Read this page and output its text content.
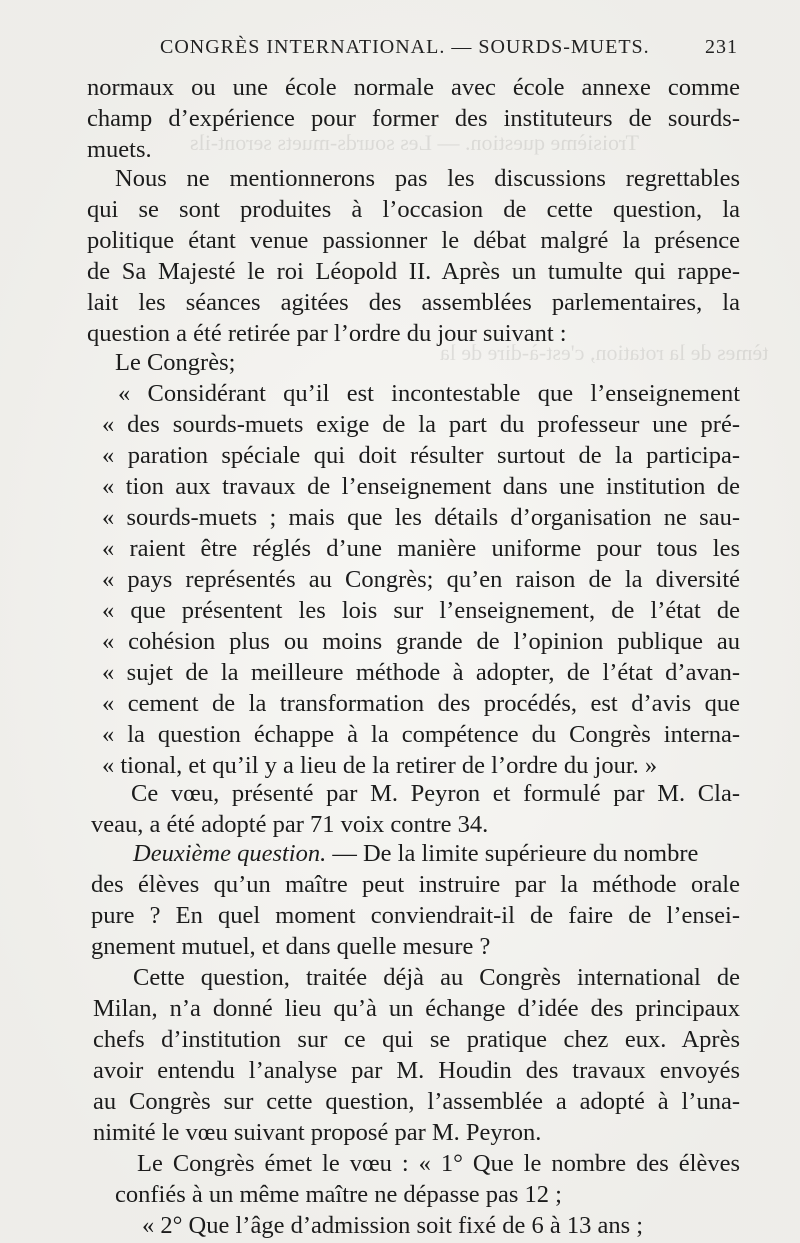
Troisième question. — Les sourds-muets seront-ils
tèmes de la rotation, c'est-à-dire de la
CONGRÈS INTERNATIONAL. — SOURDS-MUETS.	231
normaux ou une école normale avec école annexe comme
champ d’expérience pour former des instituteurs de sourds-
muets.
Nous ne mentionnerons pas les discussions regrettables
qui se sont produites à l’occasion de cette question, la
politique étant venue passionner le débat malgré la présence
de Sa Majesté le roi Léopold II. Après un tumulte qui rappe-
lait les séances agitées des assemblées parlementaires, la
question a été retirée par l’ordre du jour suivant :
Le Congrès;
« Considérant qu’il est incontestable que l’enseignement
« des sourds-muets exige de la part du professeur une pré-
« paration spéciale qui doit résulter surtout de la participa-
« tion aux travaux de l’enseignement dans une institution de
« sourds-muets ; mais que les détails d’organisation ne sau-
« raient être réglés d’une manière uniforme pour tous les
« pays représentés au Congrès; qu’en raison de la diversité
« que présentent les lois sur l’enseignement, de l’état de
« cohésion plus ou moins grande de l’opinion publique au
« sujet de la meilleure méthode à adopter, de l’état d’avan-
« cement de la transformation des procédés, est d’avis que
« la question échappe à la compétence du Congrès interna-
« tional, et qu’il y a lieu de la retirer de l’ordre du jour. »
Ce vœu, présenté par M. Peyron et formulé par M. Cla-
veau, a été adopté par 71 voix contre 34.
Deuxième question. — De la limite supérieure du nombre
des élèves qu’un maître peut instruire par la méthode orale
pure ? En quel moment conviendrait-il de faire de l’ensei-
gnement mutuel, et dans quelle mesure ?
Cette question, traitée déjà au Congrès international de
Milan, n’a donné lieu qu’à un échange d’idée des principaux
chefs d’institution sur ce qui se pratique chez eux. Après
avoir entendu l’analyse par M. Houdin des travaux envoyés
au Congrès sur cette question, l’assemblée a adopté à l’una-
nimité le vœu suivant proposé par M. Peyron.
Le Congrès émet le vœu : « 1° Que le nombre des élèves
confiés à un même maître ne dépasse pas 12 ;
« 2° Que l’âge d’admission soit fixé de 6 à 13 ans ;
